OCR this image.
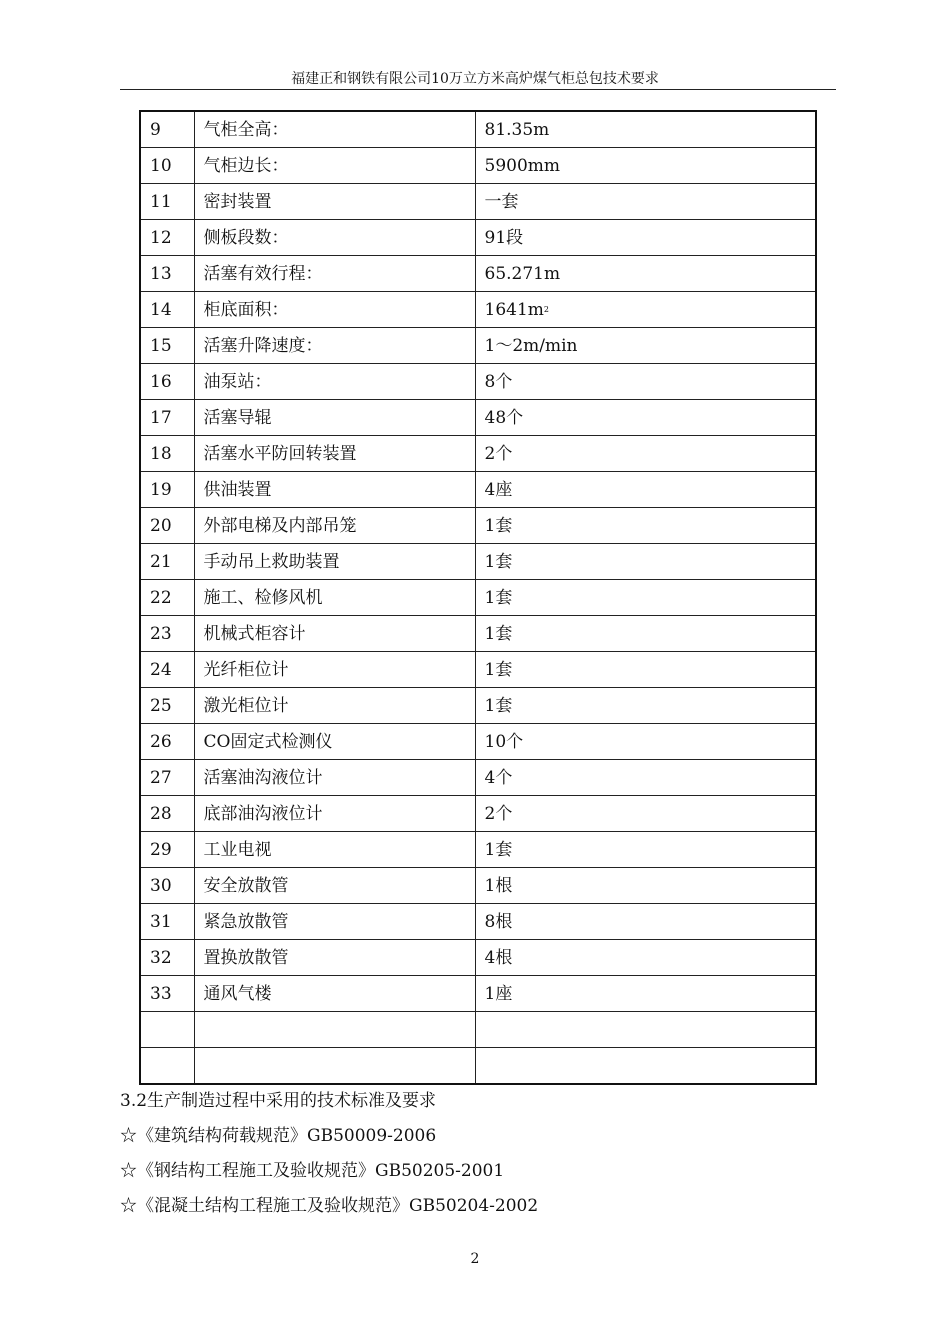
福建正和钢铁有限公司10万立方米高炉煤气柜总包技术要求
9	气柜全高：	81.35m
10	气柜边长：	5900mm
11	密封装置	一套
12	侧板段数：	91段
13	活塞有效行程：	65.271m
14	柜底面积：	$1641m^2$
15	活塞升降速度：	1～2m/min
16	油泵站：	8个
17	活塞导辊	48个
18	活塞水平防回转装置	2个
19	供油装置	4座
20	外部电梯及内部吊笼	1套
21	手动吊上救助装置	1套
22	施工、检修风机	1套
23	机械式柜容计	1套
24	光纤柜位计	1套
25	激光柜位计	1套
26	CO固定式检测仪	10个
27	活塞油沟液位计	4个
28	底部油沟液位计	2个
29	工业电视	1套
30	安全放散管	1根
31	紧急放散管	8根
32	置换放散管	4根
33	通风气楼	1座

3.2生产制造过程中采用的技术标准及要求
☆《建筑结构荷载规范》GB50009-2006
☆《钢结构工程施工及验收规范》GB50205-2001
☆《混凝土结构工程施工及验收规范》GB50204-2002
2
